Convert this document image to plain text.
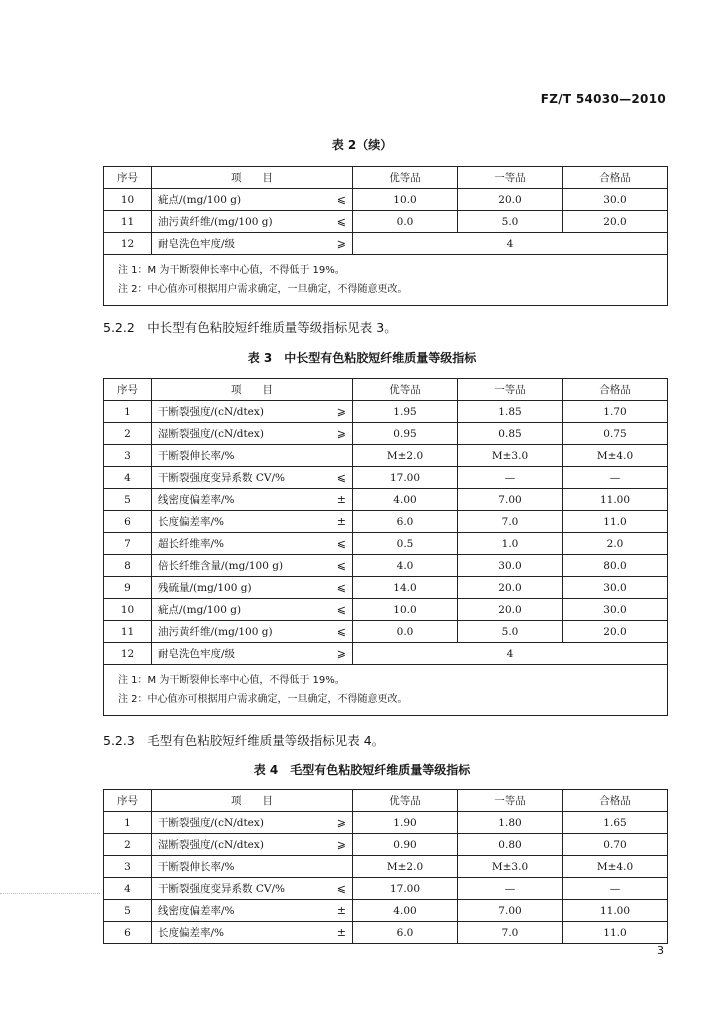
FZ/T 54030—2010
表 2（续）
序号	项　　目		优等品	一等品	合格品
10	疵点/(mg/100 g)	⩽	10.0	20.0	30.0
11	油污黄纤维/(mg/100 g)	⩽	0.0	5.0	20.0
12	耐皂洗色牢度/级	⩾	4		

注 1：M 为干断裂伸长率中心值，不得低于 19%。
注 2：中心值亦可根据用户需求确定，一旦确定，不得随意更改。					
5.2.2　中长型有色粘胶短纤维质量等级指标见表 3。
表 3　中长型有色粘胶短纤维质量等级指标
序号	项　　目		优等品	一等品	合格品
1	干断裂强度/(cN/dtex)	⩾	1.95	1.85	1.70
2	湿断裂强度/(cN/dtex)	⩾	0.95	0.85	0.75
3	干断裂伸长率/%		M±2.0	M±3.0	M±4.0
4	干断裂强度变异系数 CV/%	⩽	17.00	—	—
5	线密度偏差率/%	±	4.00	7.00	11.00
6	长度偏差率/%	±	6.0	7.0	11.0
7	超长纤维率/%	⩽	0.5	1.0	2.0
8	倍长纤维含量/(mg/100 g)	⩽	4.0	30.0	80.0
9	残硫量/(mg/100 g)	⩽	14.0	20.0	30.0
10	疵点/(mg/100 g)	⩽	10.0	20.0	30.0
11	油污黄纤维/(mg/100 g)	⩽	0.0	5.0	20.0
12	耐皂洗色牢度/级	⩾	4		

注 1：M 为干断裂伸长率中心值，不得低于 19%。
注 2：中心值亦可根据用户需求确定，一旦确定，不得随意更改。					
5.2.3　毛型有色粘胶短纤维质量等级指标见表 4。
表 4　毛型有色粘胶短纤维质量等级指标
序号	项　　目		优等品	一等品	合格品
1	干断裂强度/(cN/dtex)	⩾	1.90	1.80	1.65
2	湿断裂强度/(cN/dtex)	⩾	0.90	0.80	0.70
3	干断裂伸长率/%		M±2.0	M±3.0	M±4.0
4	干断裂强度变异系数 CV/%	⩽	17.00	—	—
5	线密度偏差率/%	±	4.00	7.00	11.00
6	长度偏差率/%	±	6.0	7.0	11.0
3
